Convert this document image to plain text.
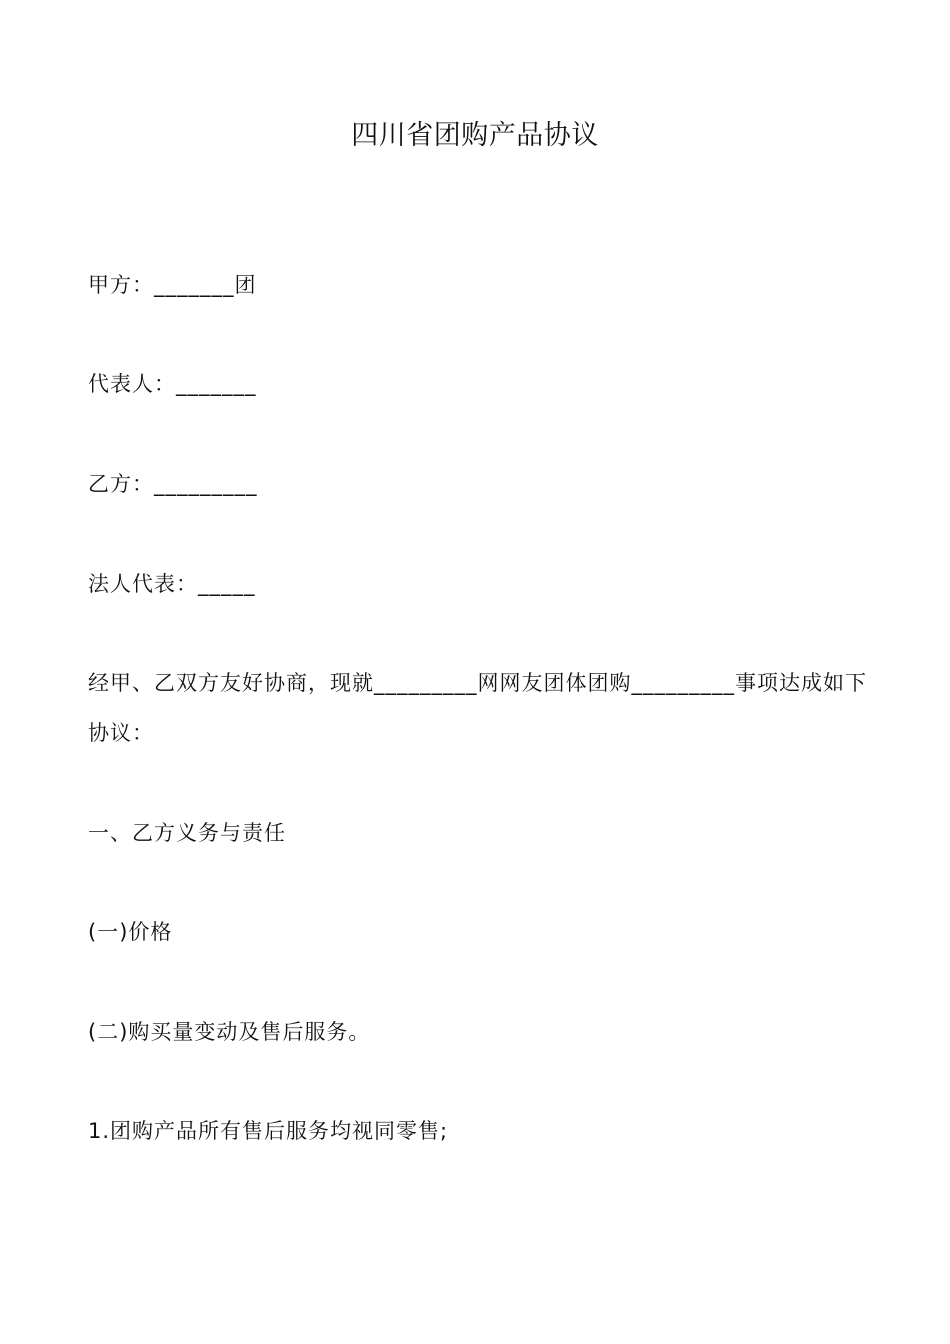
四川省团购产品协议
甲方：_______团
代表人：_______
乙方：_________
法人代表：_____
经甲、乙双方友好协商，现就_________网网友团体团购_________事项达成如下协议：
一、乙方义务与责任
(一)价格
(二)购买量变动及售后服务。
1.团购产品所有售后服务均视同零售;
